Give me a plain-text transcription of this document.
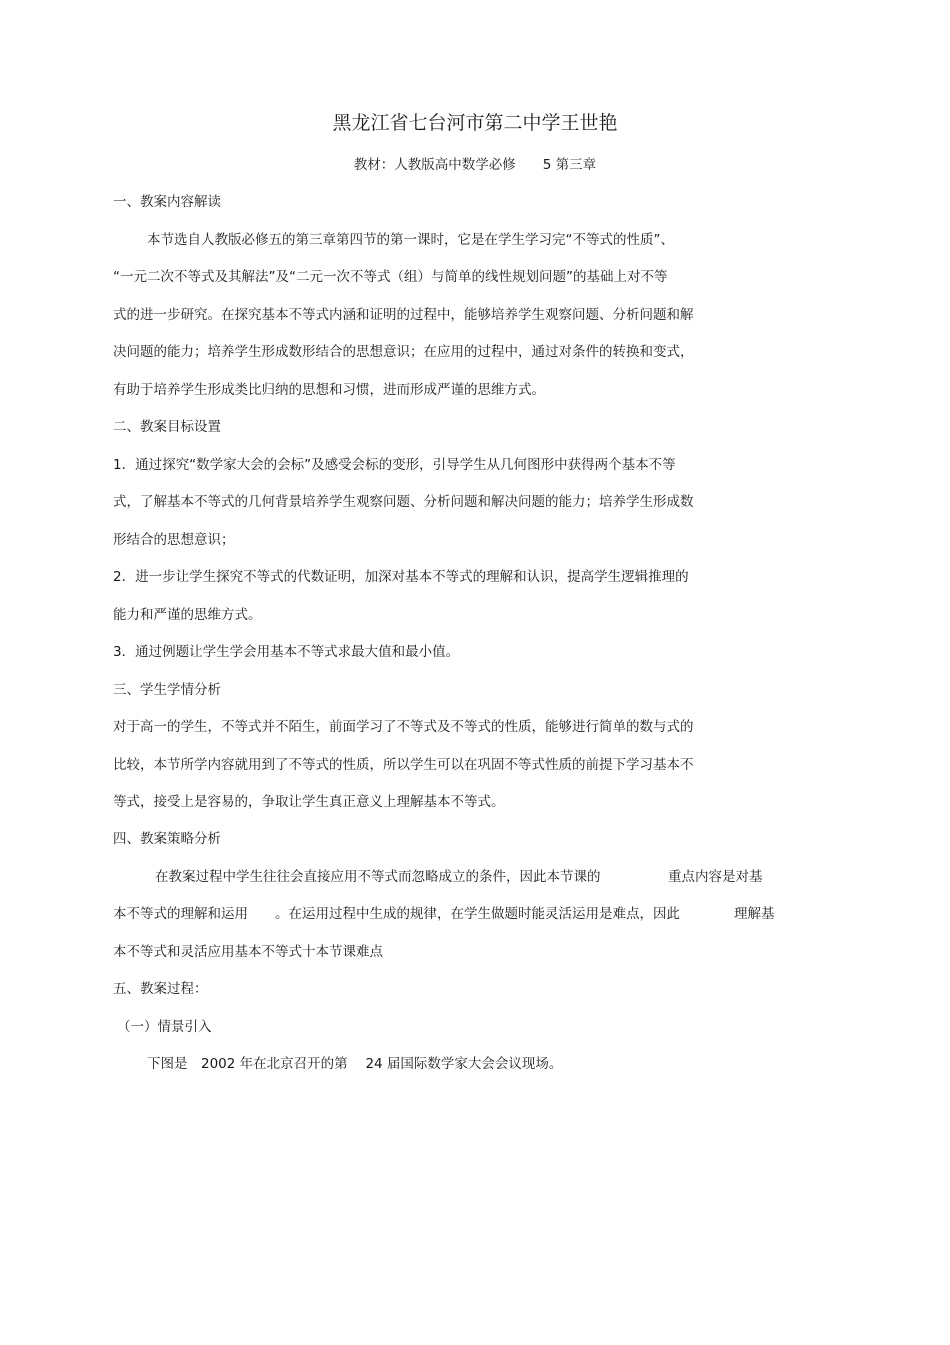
黑龙江省七台河市第二中学王世艳
教材：人教版高中数学必修　　5 第三章
一、教案内容解读
本节选自人教版必修五的第三章第四节的第一课时，它是在学生学习完“不等式的性质”、
“一元二次不等式及其解法”及“二元一次不等式（组）与简单的线性规划问题”的基础上对不等
式的进一步研究。在探究基本不等式内涵和证明的过程中，能够培养学生观察问题、分析问题和解
决问题的能力；培养学生形成数形结合的思想意识；在应用的过程中，通过对条件的转换和变式，
有助于培养学生形成类比归纳的思想和习惯，进而形成严谨的思维方式。
二、教案目标设置
1．通过探究“数学家大会的会标”及感受会标的变形，引导学生从几何图形中获得两个基本不等
式，了解基本不等式的几何背景培养学生观察问题、分析问题和解决问题的能力；培养学生形成数
形结合的思想意识；
2．进一步让学生探究不等式的代数证明，加深对基本不等式的理解和认识，提高学生逻辑推理的
能力和严谨的思维方式。
3．通过例题让学生学会用基本不等式求最大值和最小值。
三、学生学情分析
对于高一的学生，不等式并不陌生，前面学习了不等式及不等式的性质，能够进行简单的数与式的
比较，本节所学内容就用到了不等式的性质，所以学生可以在巩固不等式性质的前提下学习基本不
等式，接受上是容易的，争取让学生真正意义上理解基本不等式。
四、教案策略分析
在教案过程中学生往往会直接应用不等式而忽略成立的条件，因此本节课的　　　　　重点内容是对基
本不等式的理解和运用　　。在运用过程中生成的规律，在学生做题时能灵活运用是难点，因此　　　　理解基
本不等式和灵活应用基本不等式十本节课难点
五、教案过程：
（一）情景引入
下图是　2002 年在北京召开的第　 24 届国际数学家大会会议现场。
